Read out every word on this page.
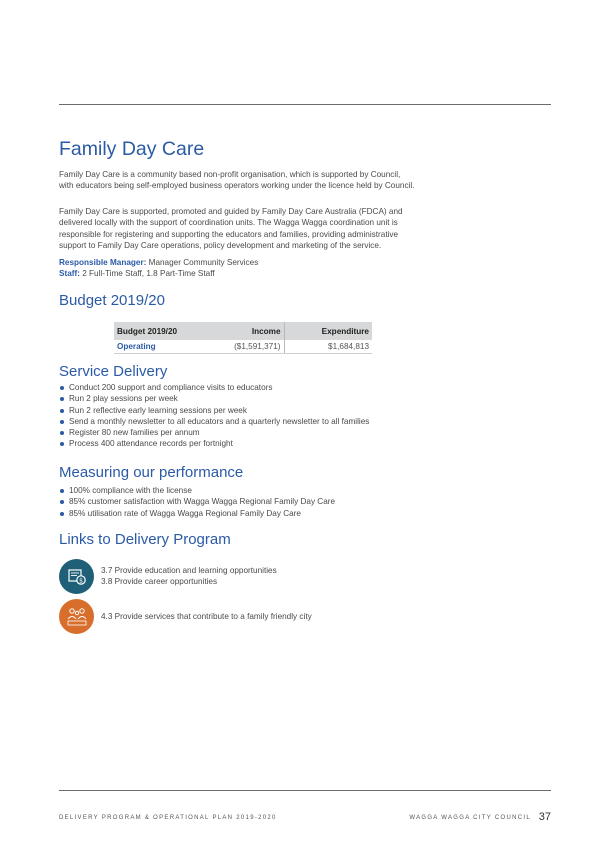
Family Day Care

Family Day Care is a community based non-profit organisation, which is supported by Council, with educators being self-employed business operators working under the licence held by Council.

Family Day Care is supported, promoted and guided by Family Day Care Australia (FDCA) and delivered locally with the support of coordination units. The Wagga Wagga coordination unit is responsible for registering and supporting the educators and families, providing administrative support to Family Day Care operations, policy development and marketing of the service.

Responsible Manager: Manager Community Services
Staff: 2 Full-Time Staff, 1.8 Part-Time Staff
Budget 2019/20
Budget 2019/20	Income	Expenditure
Operating	($1,591,371)	$1,684,813
Service Delivery
Conduct 200 support and compliance visits to educators
Run 2 play sessions per week
Run 2 reflective early learning sessions per week
Send a monthly newsletter to all educators and a quarterly newsletter to all families
Register 80 new families per annum
Process 400 attendance records per fortnight
Measuring our performance
100% compliance with the license
85% customer satisfaction with Wagga Wagga Regional Family Day Care
85% utilisation rate of Wagga Wagga Regional Family Day Care
Links to Delivery Program
$
3.7 Provide education and learning opportunities
3.8 Provide career opportunities
4.3 Provide services that contribute to a family friendly city
DELIVERY PROGRAM & OPERATIONAL PLAN 2019-2020	WAGGA WAGGA CITY COUNCIL 37
